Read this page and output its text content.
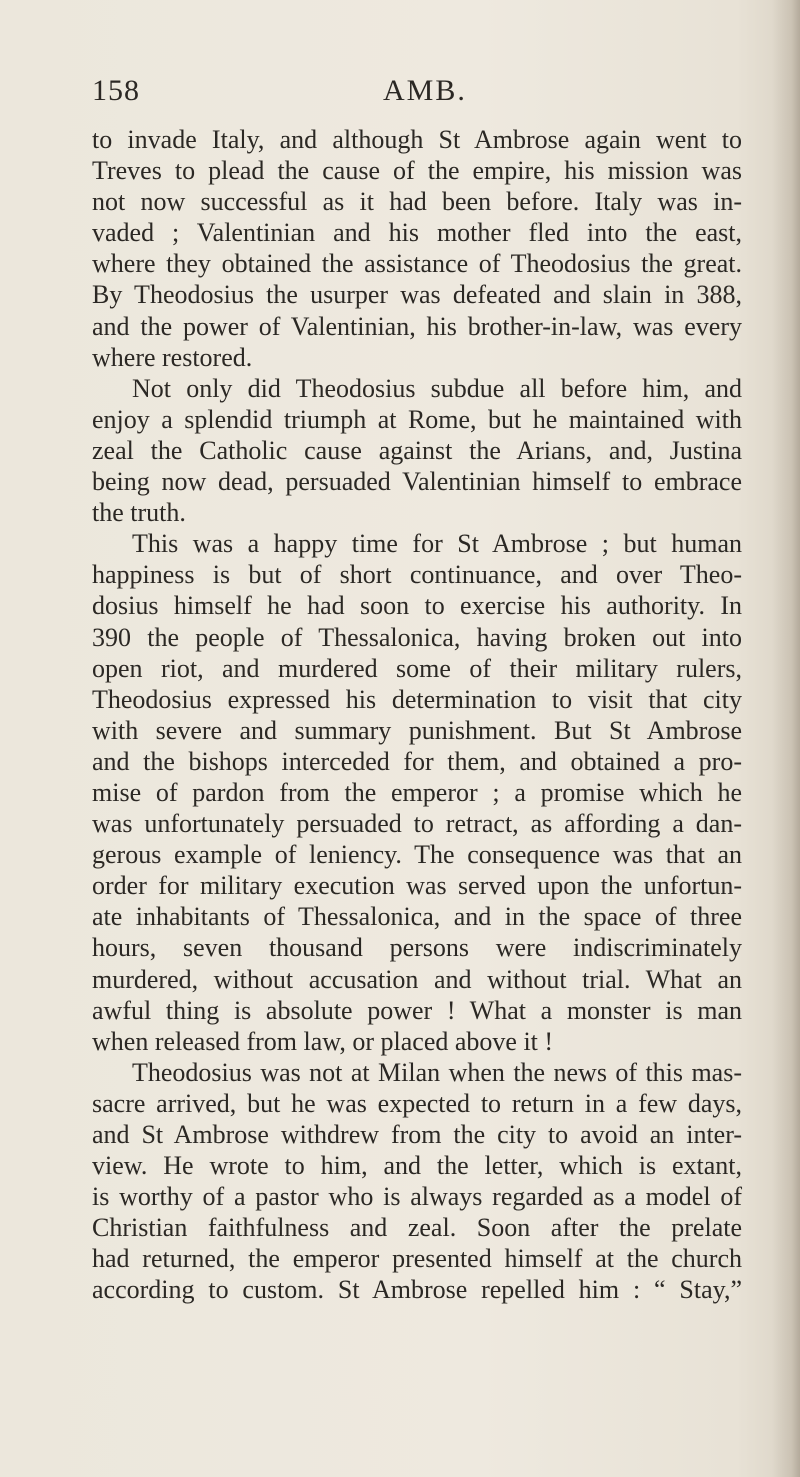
158	AMB.
to invade Italy, and although St Ambrose again went to
Treves to plead the cause of the empire, his mission was
not now successful as it had been before. Italy was in-
vaded ; Valentinian and his mother fled into the east,
where they obtained the assistance of Theodosius the great.
By Theodosius the usurper was defeated and slain in 388,
and the power of Valentinian, his brother-in-law, was every
where restored.
Not only did Theodosius subdue all before him, and
enjoy a splendid triumph at Rome, but he maintained with
zeal the Catholic cause against the Arians, and, Justina
being now dead, persuaded Valentinian himself to embrace
the truth.
This was a happy time for St Ambrose ; but human
happiness is but of short continuance, and over Theo-
dosius himself he had soon to exercise his authority. In
390 the people of Thessalonica, having broken out into
open riot, and murdered some of their military rulers,
Theodosius expressed his determination to visit that city
with severe and summary punishment. But St Ambrose
and the bishops interceded for them, and obtained a pro-
mise of pardon from the emperor ; a promise which he
was unfortunately persuaded to retract, as affording a dan-
gerous example of leniency. The consequence was that an
order for military execution was served upon the unfortun-
ate inhabitants of Thessalonica, and in the space of three
hours, seven thousand persons were indiscriminately
murdered, without accusation and without trial. What an
awful thing is absolute power ! What a monster is man
when released from law, or placed above it !
Theodosius was not at Milan when the news of this mas-
sacre arrived, but he was expected to return in a few days,
and St Ambrose withdrew from the city to avoid an inter-
view. He wrote to him, and the letter, which is extant,
is worthy of a pastor who is always regarded as a model of
Christian faithfulness and zeal. Soon after the prelate
had returned, the emperor presented himself at the church
according to custom. St Ambrose repelled him : “ Stay,”
